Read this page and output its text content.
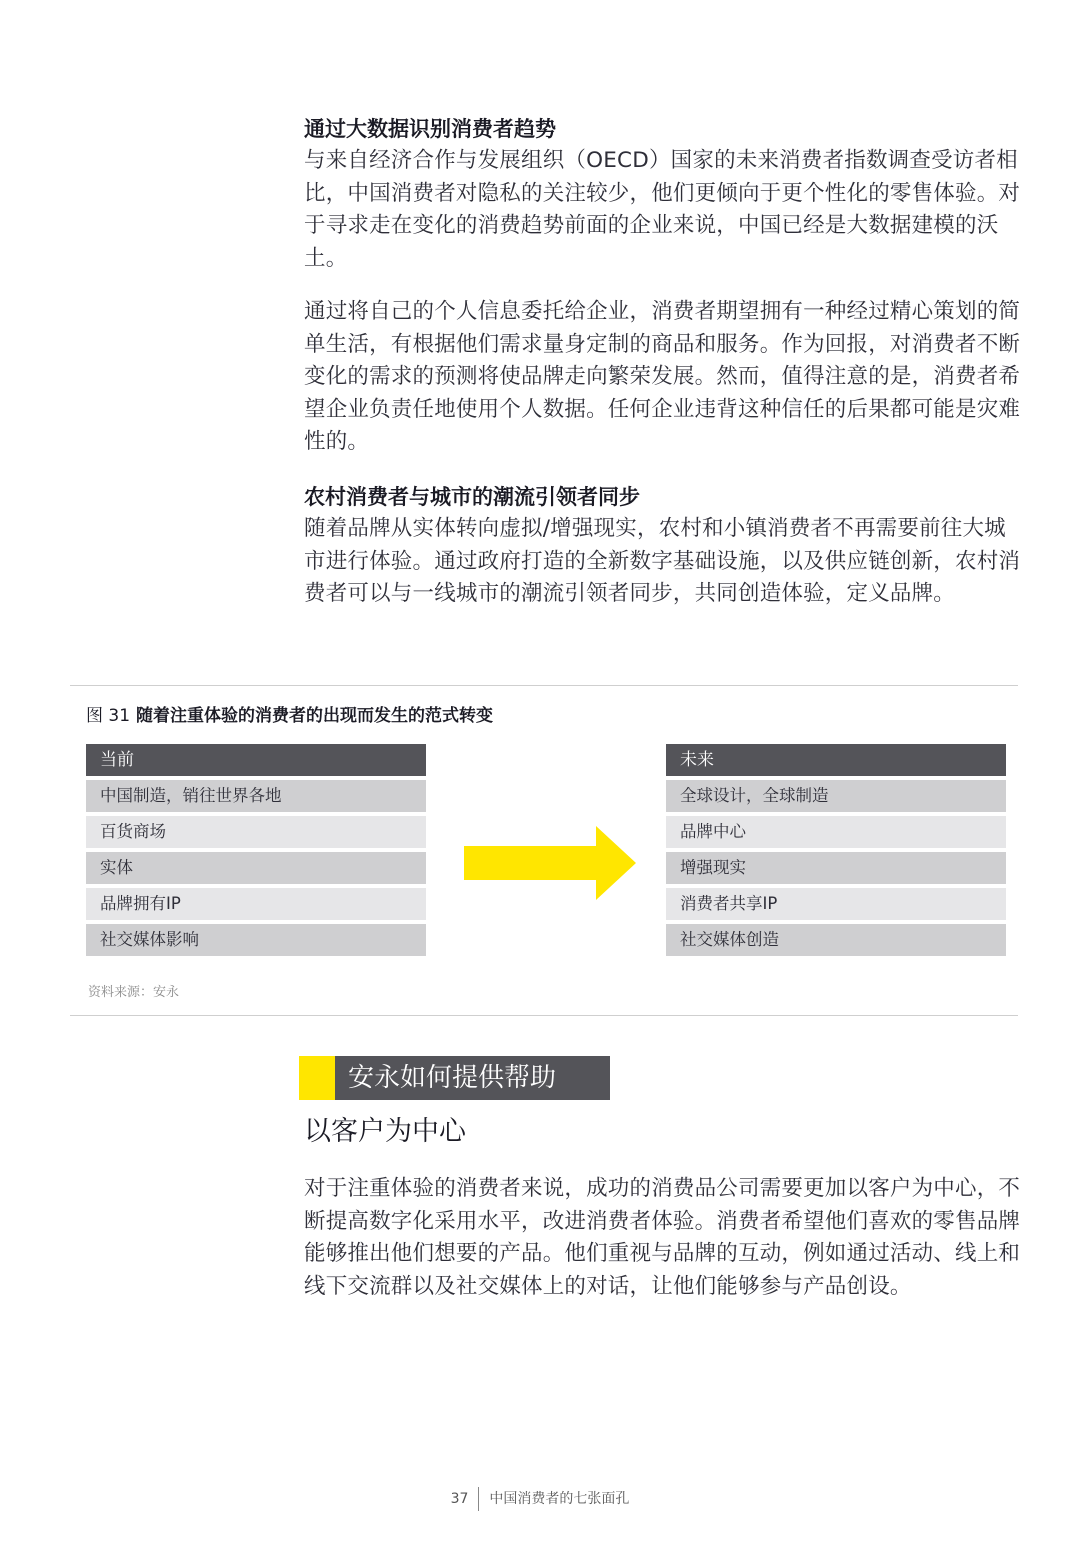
通过大数据识别消费者趋势
与来自经济合作与发展组织（OECD）国家的未来消费者指数调查受访者相比，中国消费者对隐私的关注较少，他们更倾向于更个性化的零售体验。对于寻求走在变化的消费趋势前面的企业来说，中国已经是大数据建模的沃土。
通过将自己的个人信息委托给企业，消费者期望拥有一种经过精心策划的简单生活，有根据他们需求量身定制的商品和服务。作为回报，对消费者不断变化的需求的预测将使品牌走向繁荣发展。然而，值得注意的是，消费者希望企业负责任地使用个人数据。任何企业违背这种信任的后果都可能是灾难性的。
农村消费者与城市的潮流引领者同步
随着品牌从实体转向虚拟/增强现实，农村和小镇消费者不再需要前往大城市进行体验。通过政府打造的全新数字基础设施，以及供应链创新，农村消费者可以与一线城市的潮流引领者同步，共同创造体验，定义品牌。
图 31 随着注重体验的消费者的出现而发生的范式转变
当前
中国制造，销往世界各地
百货商场
实体
品牌拥有IP
社交媒体影响
未来
全球设计，全球制造
品牌中心
增强现实
消费者共享IP
社交媒体创造
资料来源：安永
安永如何提供帮助
以客户为中心
对于注重体验的消费者来说，成功的消费品公司需要更加以客户为中心，不断提高数字化采用水平，改进消费者体验。消费者希望他们喜欢的零售品牌能够推出他们想要的产品。他们重视与品牌的互动，例如通过活动、线上和线下交流群以及社交媒体上的对话，让他们能够参与产品创设。
37 中国消费者的七张面孔
